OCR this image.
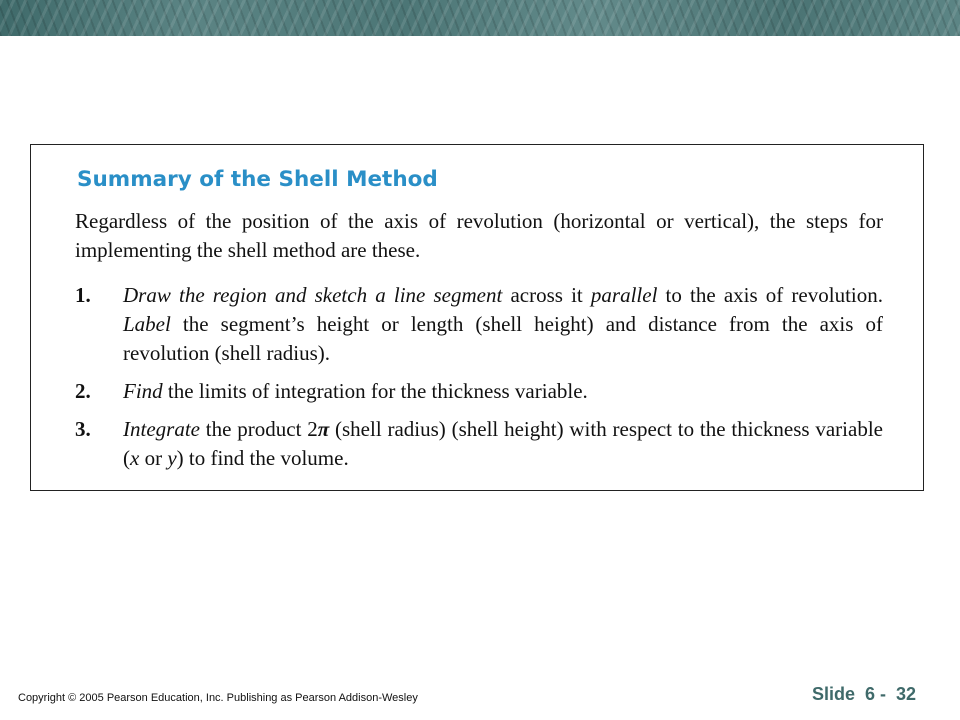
Summary of the Shell Method

Regardless of the position of the axis of revolution (horizontal or vertical), the steps for implementing the shell method are these.

1. Draw the region and sketch a line segment across it parallel to the axis of revolution. Label the segment’s height or length (shell height) and distance from the axis of revolution (shell radius).
2. Find the limits of integration for the thickness variable.
3. Integrate the product 2π (shell radius) (shell height) with respect to the thickness variable (x or y) to find the volume.
Copyright © 2005 Pearson Education, Inc. Publishing as Pearson Addison-Wesley	Slide  6 -  32
